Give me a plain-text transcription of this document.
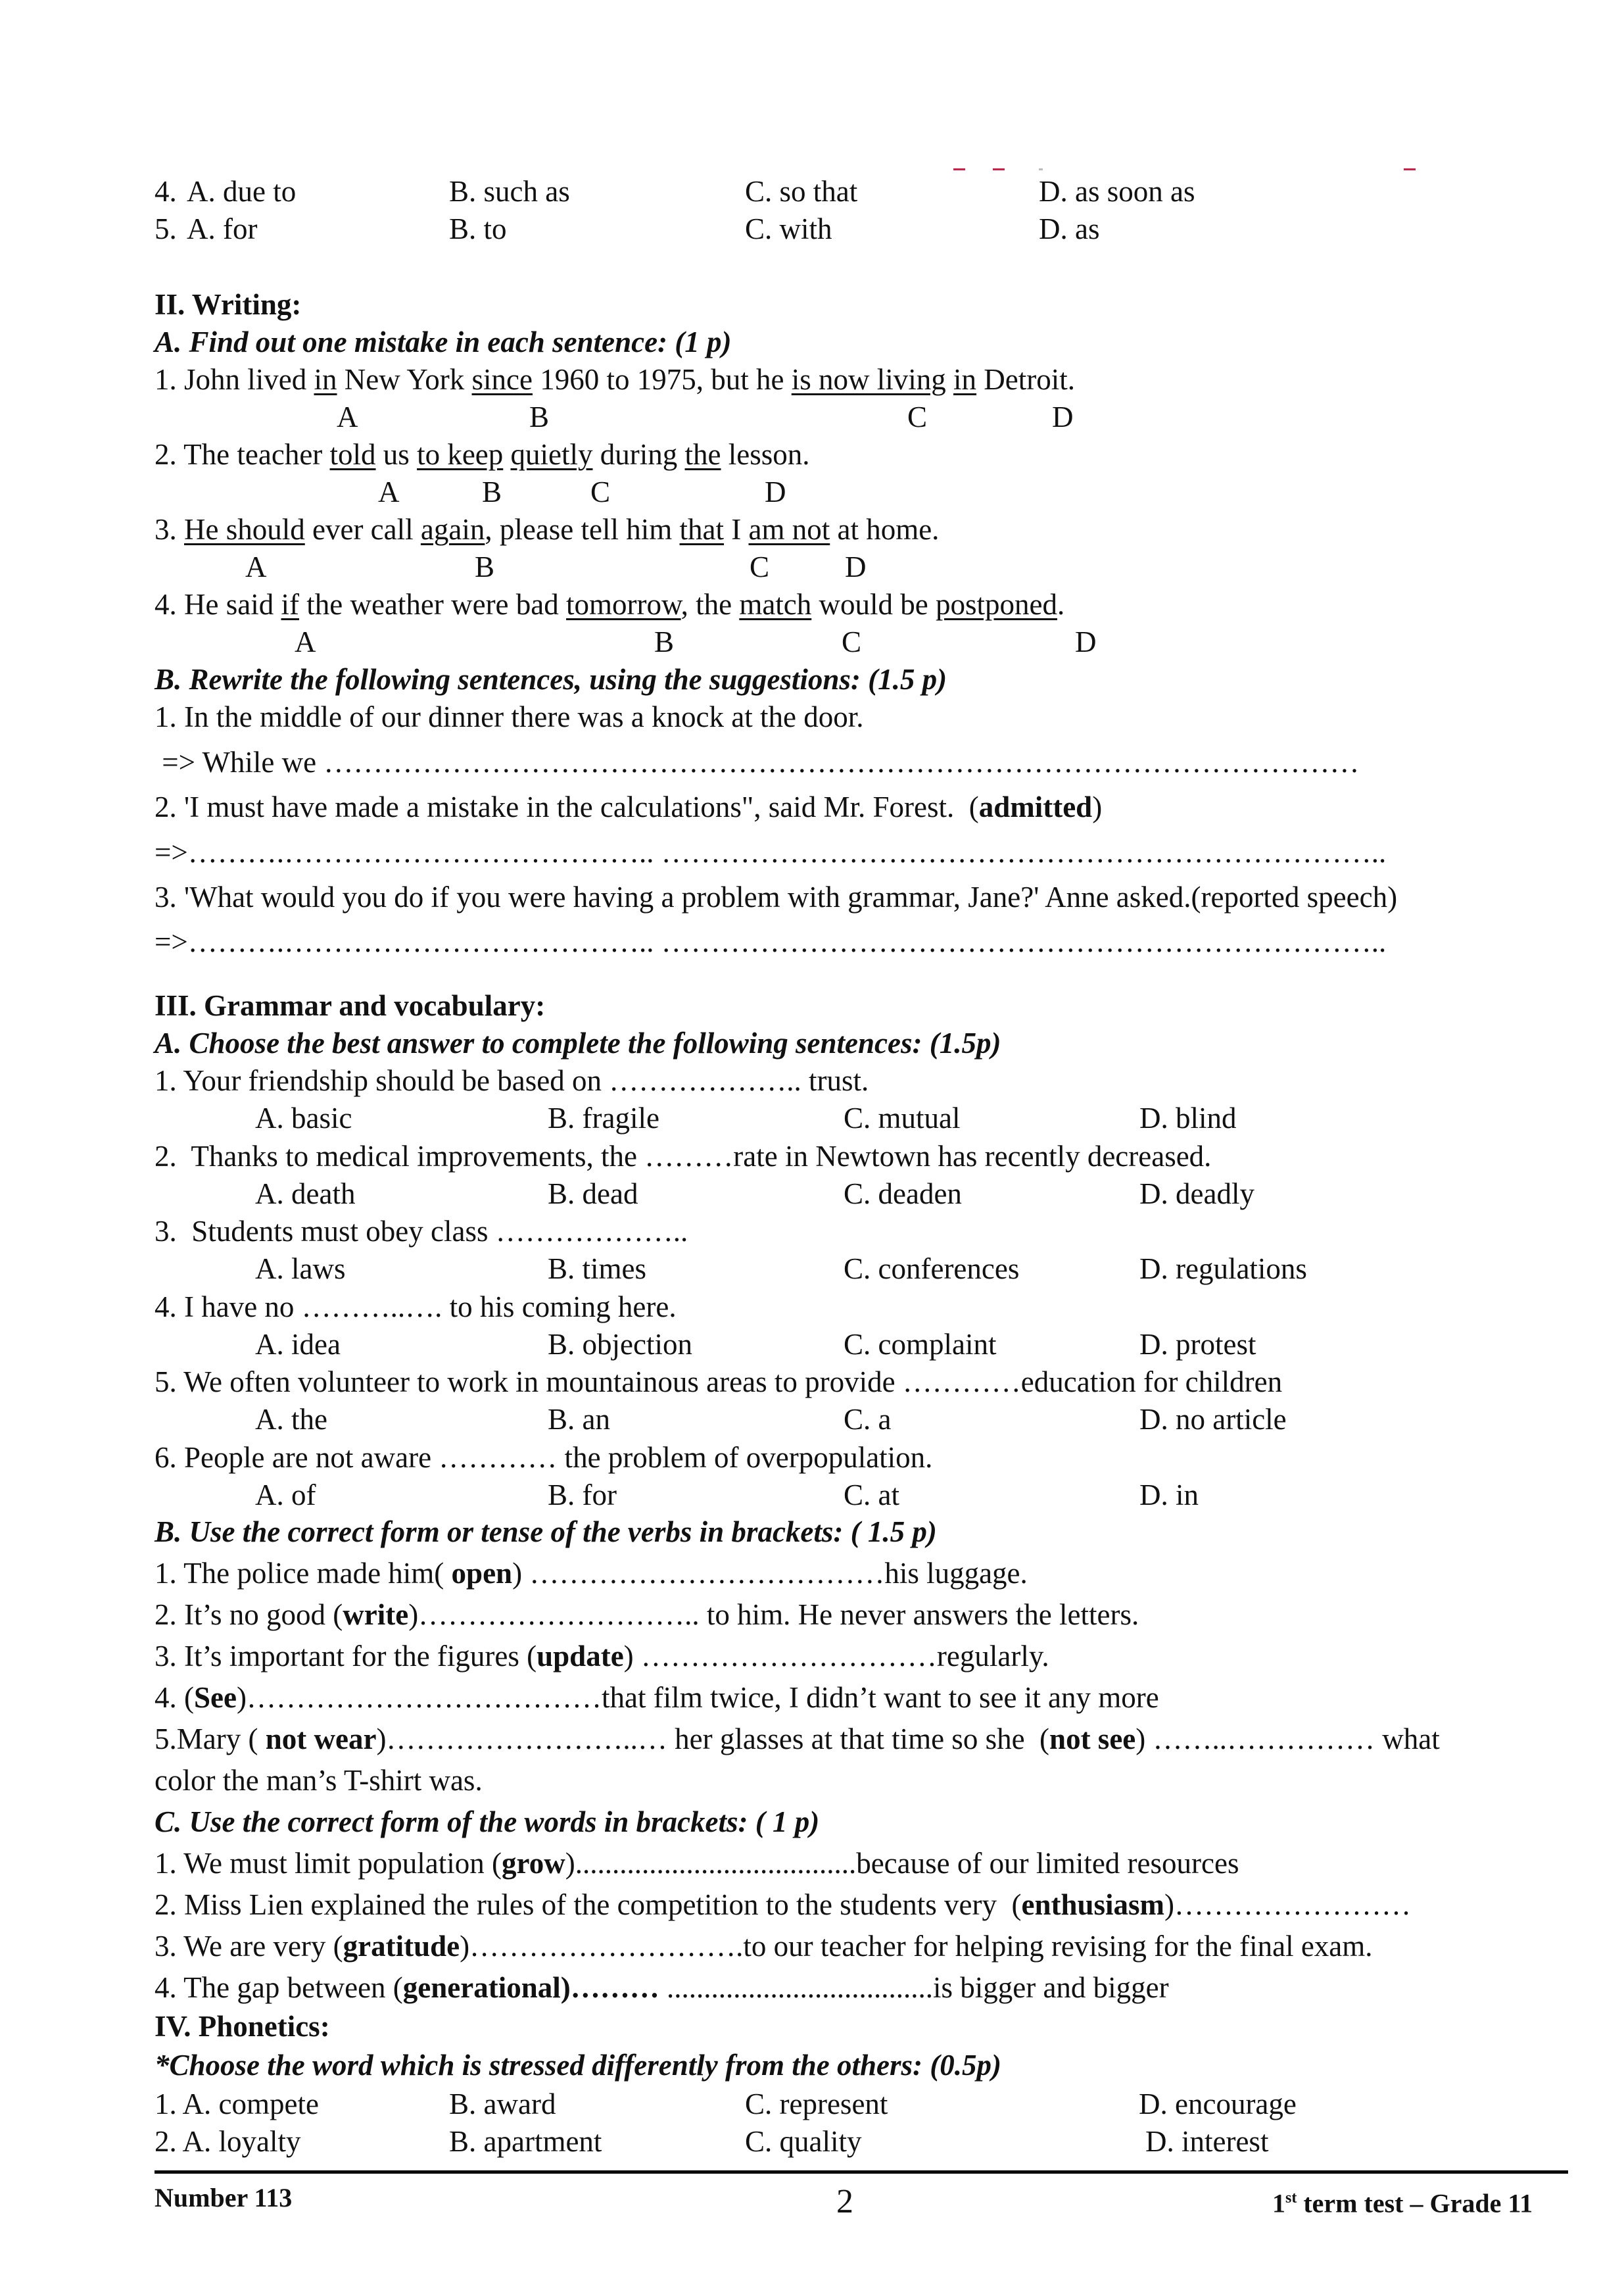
4. A. due to	B. such as	C. so that	D. as soon as
5. A. for	B. to	C. with	D. as
II. Writing:
A. Find out one mistake in each sentence: (1 p)
1. John lived in New York since 1960 to 1975, but he is now living in Detroit.
A	B	C	D
2. The teacher told us to keep quietly during the lesson.
A	B	C	D
3. He should ever call again, please tell him that I am not at home.
A	B	C	D
4. He said if the weather were bad tomorrow, the match would be postponed.
A	B	C	D
B. Rewrite the following sentences, using the suggestions: (1.5 p)
1. In the middle of our dinner there was a knock at the door.
=> While we ……………………………………………………………………………………………
2. 'I must have made a mistake in the calculations", said Mr. Forest.  (admitted)
=>……….……………………………….. ………………………………………………………………..
3. 'What would you do if you were having a problem with grammar, Jane?' Anne asked.(reported speech)
=>……….……………………………….. ………………………………………………………………..
III. Grammar and vocabulary:
A. Choose the best answer to complete the following sentences: (1.5p)
1. Your friendship should be based on ……………….. trust.
A. basic	B. fragile	C. mutual	D. blind
2.  Thanks to medical improvements, the ………rate in Newtown has recently decreased.
A. death	B. dead	C. deaden	D. deadly
3.  Students must obey class ………………..
A. laws	B. times	C. conferences	D. regulations
4. I have no ………..…. to his coming here.
A. idea	B. objection	C. complaint	D. protest
5. We often volunteer to work in mountainous areas to provide …………education for children
A. the	B. an	C. a	D. no article
6. People are not aware ………… the problem of overpopulation.
A. of	B. for	C. at	D. in
B. Use the correct form or tense of the verbs in brackets: ( 1.5 p)
1. The police made him( open) ………………………………his luggage.
2. It’s no good (write)……………………….. to him. He never answers the letters.
3. It’s important for the figures (update) …………………………regularly.
4. (See)………………………………that film twice, I didn’t want to see it any more
5.Mary ( not wear)……………………..… her glasses at that time so she  (not see) ……..…………… what
color the man’s T-shirt was.
C. Use the correct form of the words in brackets: ( 1 p)
1. We must limit population (grow)......................................because of our limited resources
2. Miss Lien explained the rules of the competition to the students very  (enthusiasm)……………………
3. We are very (gratitude)……………………….to our teacher for helping revising for the final exam.
4. The gap between (generational)……… ....................................is bigger and bigger
IV. Phonetics:
*Choose the word which is stressed differently from the others: (0.5p)
1. A. compete	B. award	C. represent	D. encourage
2. A. loyalty	B. apartment	C. quality	D. interest
Number 113	2	1st term test – Grade 11
